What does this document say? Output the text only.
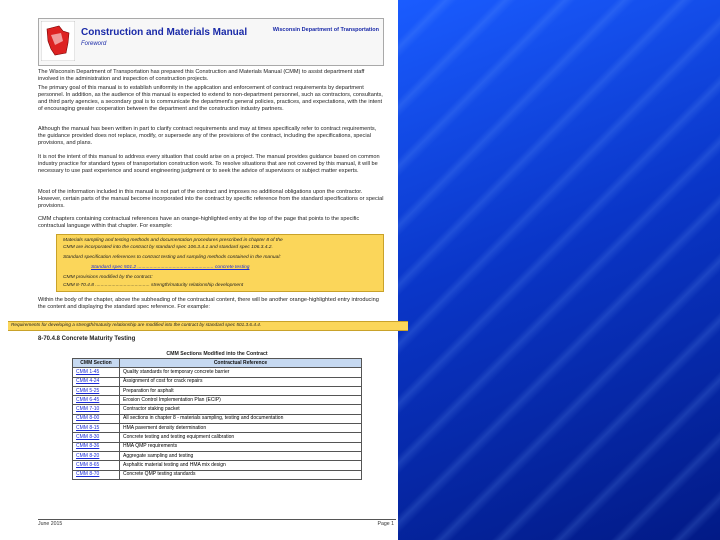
Construction and Materials Manual
Foreword
Wisconsin Department of Transportation

The Wisconsin Department of Transportation has prepared this Construction and Materials Manual (CMM) to assist department staff involved in the administration and inspection of construction projects.

The primary goal of this manual is to establish uniformity in the application and enforcement of contract requirements by department personnel. In addition, as the audience of this manual is expected to extend to non-department personnel, such as contractors, consultants, and third party agencies, a secondary goal is to communicate the department's general policies, practices, and expectations, with the intent of encouraging greater cooperation between the department and the construction industry partners.

Although the manual has been written in part to clarify contract requirements and may at times specifically refer to contract requirements, the guidance provided does not replace, modify, or supersede any of the provisions of the contract, including the specifications, special provisions, and plans.

It is not the intent of this manual to address every situation that could arise on a project. The manual provides guidance based on common industry practice for standard types of transportation construction work. To resolve situations that are not covered by this manual, it will be necessary to use past experience and sound engineering judgment or to seek the advice of supervisors or subject matter experts.

Most of the information included in this manual is not part of the contract and imposes no additional obligations upon the contractor. However, certain parts of the manual become incorporated into the contract by specific reference from the standard specifications or special provisions.

CMM chapters containing contractual references have an orange-highlighted entry at the top of the page that points to the specific contractual language within that chapter. For example:

Materials sampling and testing methods and documentation procedures prescribed in chapter 8 of the
CMM are incorporated into the contract by standard spec 106.3.4.1 and standard spec 106.3.4.2.
Standard specification references to contract testing and sampling methods contained in the manual:
Standard spec 501.2 ........................................................ concrete testing
CMM provisions modified by the contract:
CMM 8-70.4.8 ........................................ strength/maturity relationship development

Within the body of the chapter, above the subheading of the contractual content, there will be another orange-highlighted entry introducing the content and displaying the standard spec reference. For example:

Requirements for developing a strength/maturity relationship are modified into the contract by standard spec 501.3.6.4.4.
8-70.4.8 Concrete Maturity Testing
CMM Sections Modified into the Contract
CMM Section	Contractual Reference
CMM 1-45	Quality standards for temporary concrete barrier
CMM 4-24	Assignment of cost for crack repairs
CMM 5-25	Preparation for asphalt
CMM 6-45	Erosion Control Implementation Plan (ECIP)
CMM 7-10	Contractor staking packet
CMM 8-00	All sections in chapter 8 - materials sampling, testing and documentation
CMM 8-15	HMA pavement density determination
CMM 8-30	Concrete testing and testing equipment calibration
CMM 8-36	HMA QMP requirements
CMM 8-20	Aggregate sampling and testing
CMM 8-65	Asphaltic material testing and HMA mix design
CMM 8-70	Concrete QMP testing standards
June 2015	Page 1
